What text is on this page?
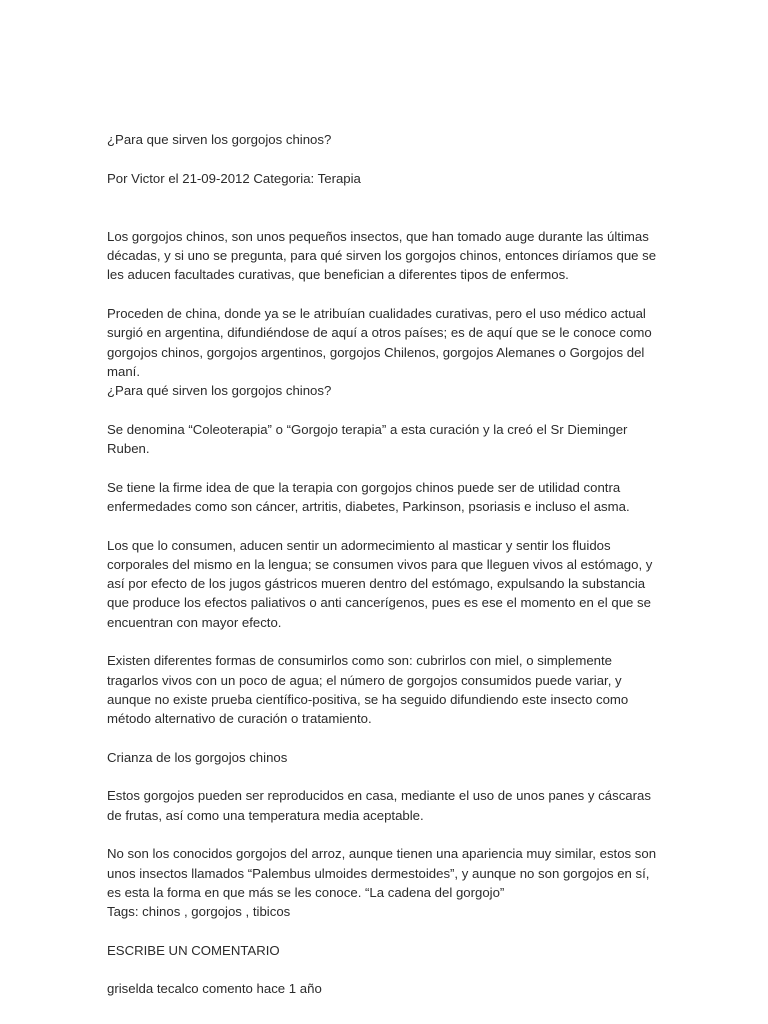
¿Para que sirven los gorgojos chinos?

Por Victor el 21-09-2012 Categoria: Terapia

Los gorgojos chinos, son unos pequeños insectos, que han tomado auge durante las últimas
décadas, y si uno se pregunta, para qué sirven los gorgojos chinos, entonces diríamos que se
les aducen facultades curativas, que benefician a diferentes tipos de enfermos.

Proceden de china, donde ya se le atribuían cualidades curativas, pero el uso médico actual
surgió en argentina, difundiéndose de aquí a otros países; es de aquí que se le conoce como
gorgojos chinos, gorgojos argentinos, gorgojos Chilenos, gorgojos Alemanes o Gorgojos del
maní.

¿Para qué sirven los gorgojos chinos?

Se denomina “Coleoterapia” o “Gorgojo terapia” a esta curación y la creó el Sr Dieminger
Ruben.

Se tiene la firme idea de que la terapia con gorgojos chinos puede ser de utilidad contra
enfermedades como son cáncer, artritis, diabetes, Parkinson, psoriasis e incluso el asma.

Los que lo consumen, aducen sentir un adormecimiento al masticar y sentir los fluidos
corporales del mismo en la lengua; se consumen vivos para que lleguen vivos al estómago, y
así por efecto de los jugos gástricos mueren dentro del estómago, expulsando la substancia
que produce los efectos paliativos o anti cancerígenos, pues es ese el momento en el que se
encuentran con mayor efecto.

Existen diferentes formas de consumirlos como son: cubrirlos con miel, o simplemente
tragarlos vivos con un poco de agua; el número de gorgojos consumidos puede variar, y
aunque no existe prueba científico-positiva, se ha seguido difundiendo este insecto como
método alternativo de curación o tratamiento.

Crianza de los gorgojos chinos

Estos gorgojos pueden ser reproducidos en casa, mediante el uso de unos panes y cáscaras
de frutas, así como una temperatura media aceptable.

No son los conocidos gorgojos del arroz, aunque tienen una apariencia muy similar, estos son
unos insectos llamados “Palembus ulmoides dermestoides”, y aunque no son gorgojos en sí,
es esta la forma en que más se les conoce. “La cadena del gorgojo”

Tags: chinos , gorgojos , tibicos

ESCRIBE UN COMENTARIO

griselda tecalco comento hace 1 año
